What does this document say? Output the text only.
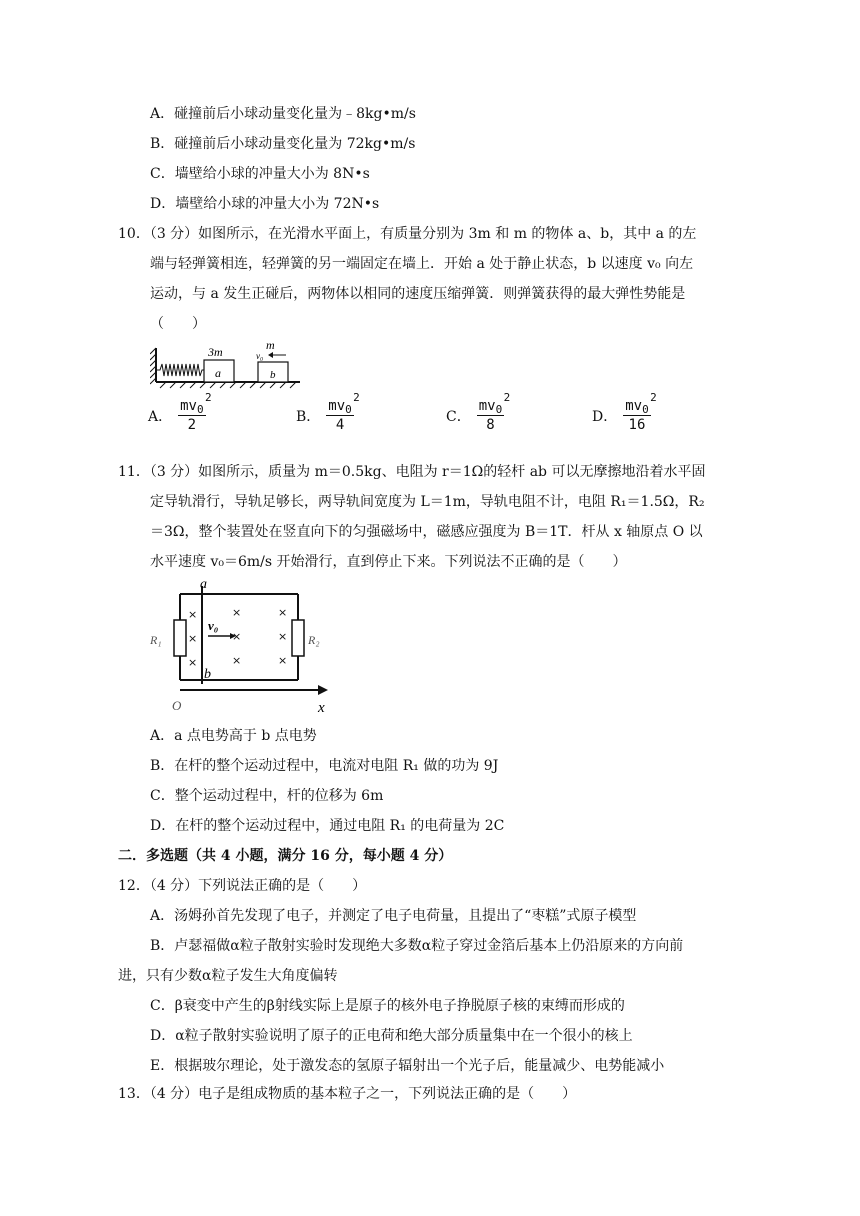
A．碰撞前后小球动量变化量为﹣8kg•m/s
B．碰撞前后小球动量变化量为 72kg•m/s
C．墙壁给小球的冲量大小为 8N•s
D．墙壁给小球的冲量大小为 72N•s
10．（3 分）如图所示，在光滑水平面上，有质量分别为 3m 和 m 的物体 a、b，其中 a 的左
端与轻弹簧相连，轻弹簧的另一端固定在墙上．开始 a 处于静止状态，b 以速度 v₀ 向左
运动，与 a 发生正碰后，两物体以相同的速度压缩弹簧．则弹簧获得的最大弹性势能是
（　　）
3m
a
m
v₀
b
A． $mv_0$
2
2	B． $mv_0$
2
4	C． $mv_0$
2
8	D． $mv_0$
2
16
11．（3 分）如图所示，质量为 m＝0.5kg、电阻为 r＝1Ω的轻杆 ab 可以无摩擦地沿着水平固
定导轨滑行，导轨足够长，两导轨间宽度为 L＝1m，导轨电阻不计，电阻 R₁＝1.5Ω，R₂
＝3Ω，整个装置处在竖直向下的匀强磁场中，磁感应强度为 B＝1T．杆从 x 轴原点 O 以
水平速度 v₀＝6m/s 开始滑行，直到停止下来。下列说法不正确的是（　　）
R₁	R₂
a
b
v₀
×
×
×
×
×
×
×
×
×
O	x
A．a 点电势高于 b 点电势
B．在杆的整个运动过程中，电流对电阻 R₁ 做的功为 9J
C．整个运动过程中，杆的位移为 6m
D．在杆的整个运动过程中，通过电阻 R₁ 的电荷量为 2C
二．多选题（共 4 小题，满分 16 分，每小题 4 分）
12．（4 分）下列说法正确的是（　　）
A．汤姆孙首先发现了电子，并测定了电子电荷量，且提出了“枣糕”式原子模型
B．卢瑟福做α粒子散射实验时发现绝大多数α粒子穿过金箔后基本上仍沿原来的方向前
进，只有少数α粒子发生大角度偏转
C．β衰变中产生的β射线实际上是原子的核外电子挣脱原子核的束缚而形成的
D．α粒子散射实验说明了原子的正电荷和绝大部分质量集中在一个很小的核上
E．根据玻尔理论，处于激发态的氢原子辐射出一个光子后，能量减少、电势能减小
13．（4 分）电子是组成物质的基本粒子之一，下列说法正确的是（　　）
